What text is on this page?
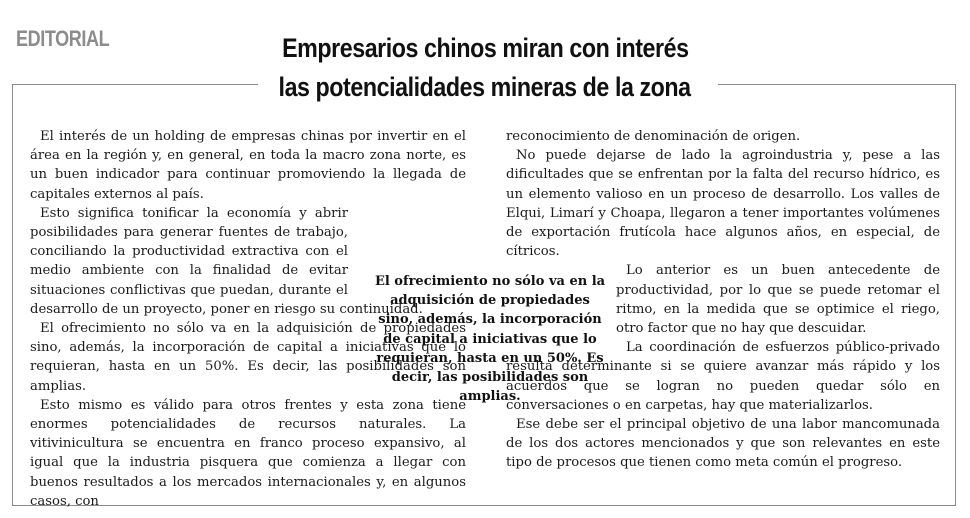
EDITORIAL	Empresarios chinos miran con interés
las potencialidades mineras de la zona

El interés de un holding de empresas chinas por invertir en el área en la región y, en general, en toda la macro zona norte, es un buen indicador para continuar promoviendo la llegada de capitales externos al país.

Esto significa tonificar la economía y abrir posibilidades para generar fuentes de trabajo, conciliando la productividad extractiva con el medio ambiente con la finalidad de evitar situaciones conflictivas que puedan, durante el desarrollo de un proyecto, poner en riesgo su continuidad.

El ofrecimiento no sólo va en la adquisición de propiedades sino, además, la incorporación de capital a iniciativas que lo requieran, hasta en un 50%. Es decir, las posibilidades son amplias.

Esto mismo es válido para otros frentes y esta zona tiene enormes potencialidades de recursos naturales. La vitivinicultura se encuentra en franco proceso expansivo, al igual que la industria pisquera que comienza a llegar con buenos resultados a los mercados internacionales y, en algunos casos, con

reconocimiento de denominación de origen.

No puede dejarse de lado la agroindustria y, pese a las dificultades que se enfrentan por la falta del recurso hídrico, es un elemento valioso en un proceso de desarrollo. Los valles de Elqui, Limarí y Choapa, llegaron a tener importantes volúmenes de exportación frutícola hace algunos años, en especial, de cítricos.

Lo anterior es un buen antecedente de productividad, por lo que se puede retomar el ritmo, en la medida que se optimice el riego, otro factor que no hay que descuidar.

La coordinación de esfuerzos público-privado resulta determinante si se quiere avanzar más rápido y los acuerdos que se logran no pueden quedar sólo en conversaciones o en carpetas, hay que materializarlos.

Ese debe ser el principal objetivo de una labor mancomunada de los dos actores mencionados y que son relevantes en este tipo de procesos que tienen como meta común el progreso.

El ofrecimiento no sólo va en la adquisición de propiedades sino, además, la incorporación de capital a iniciativas que lo requieran, hasta en un 50%. Es decir, las posibilidades son amplias.
